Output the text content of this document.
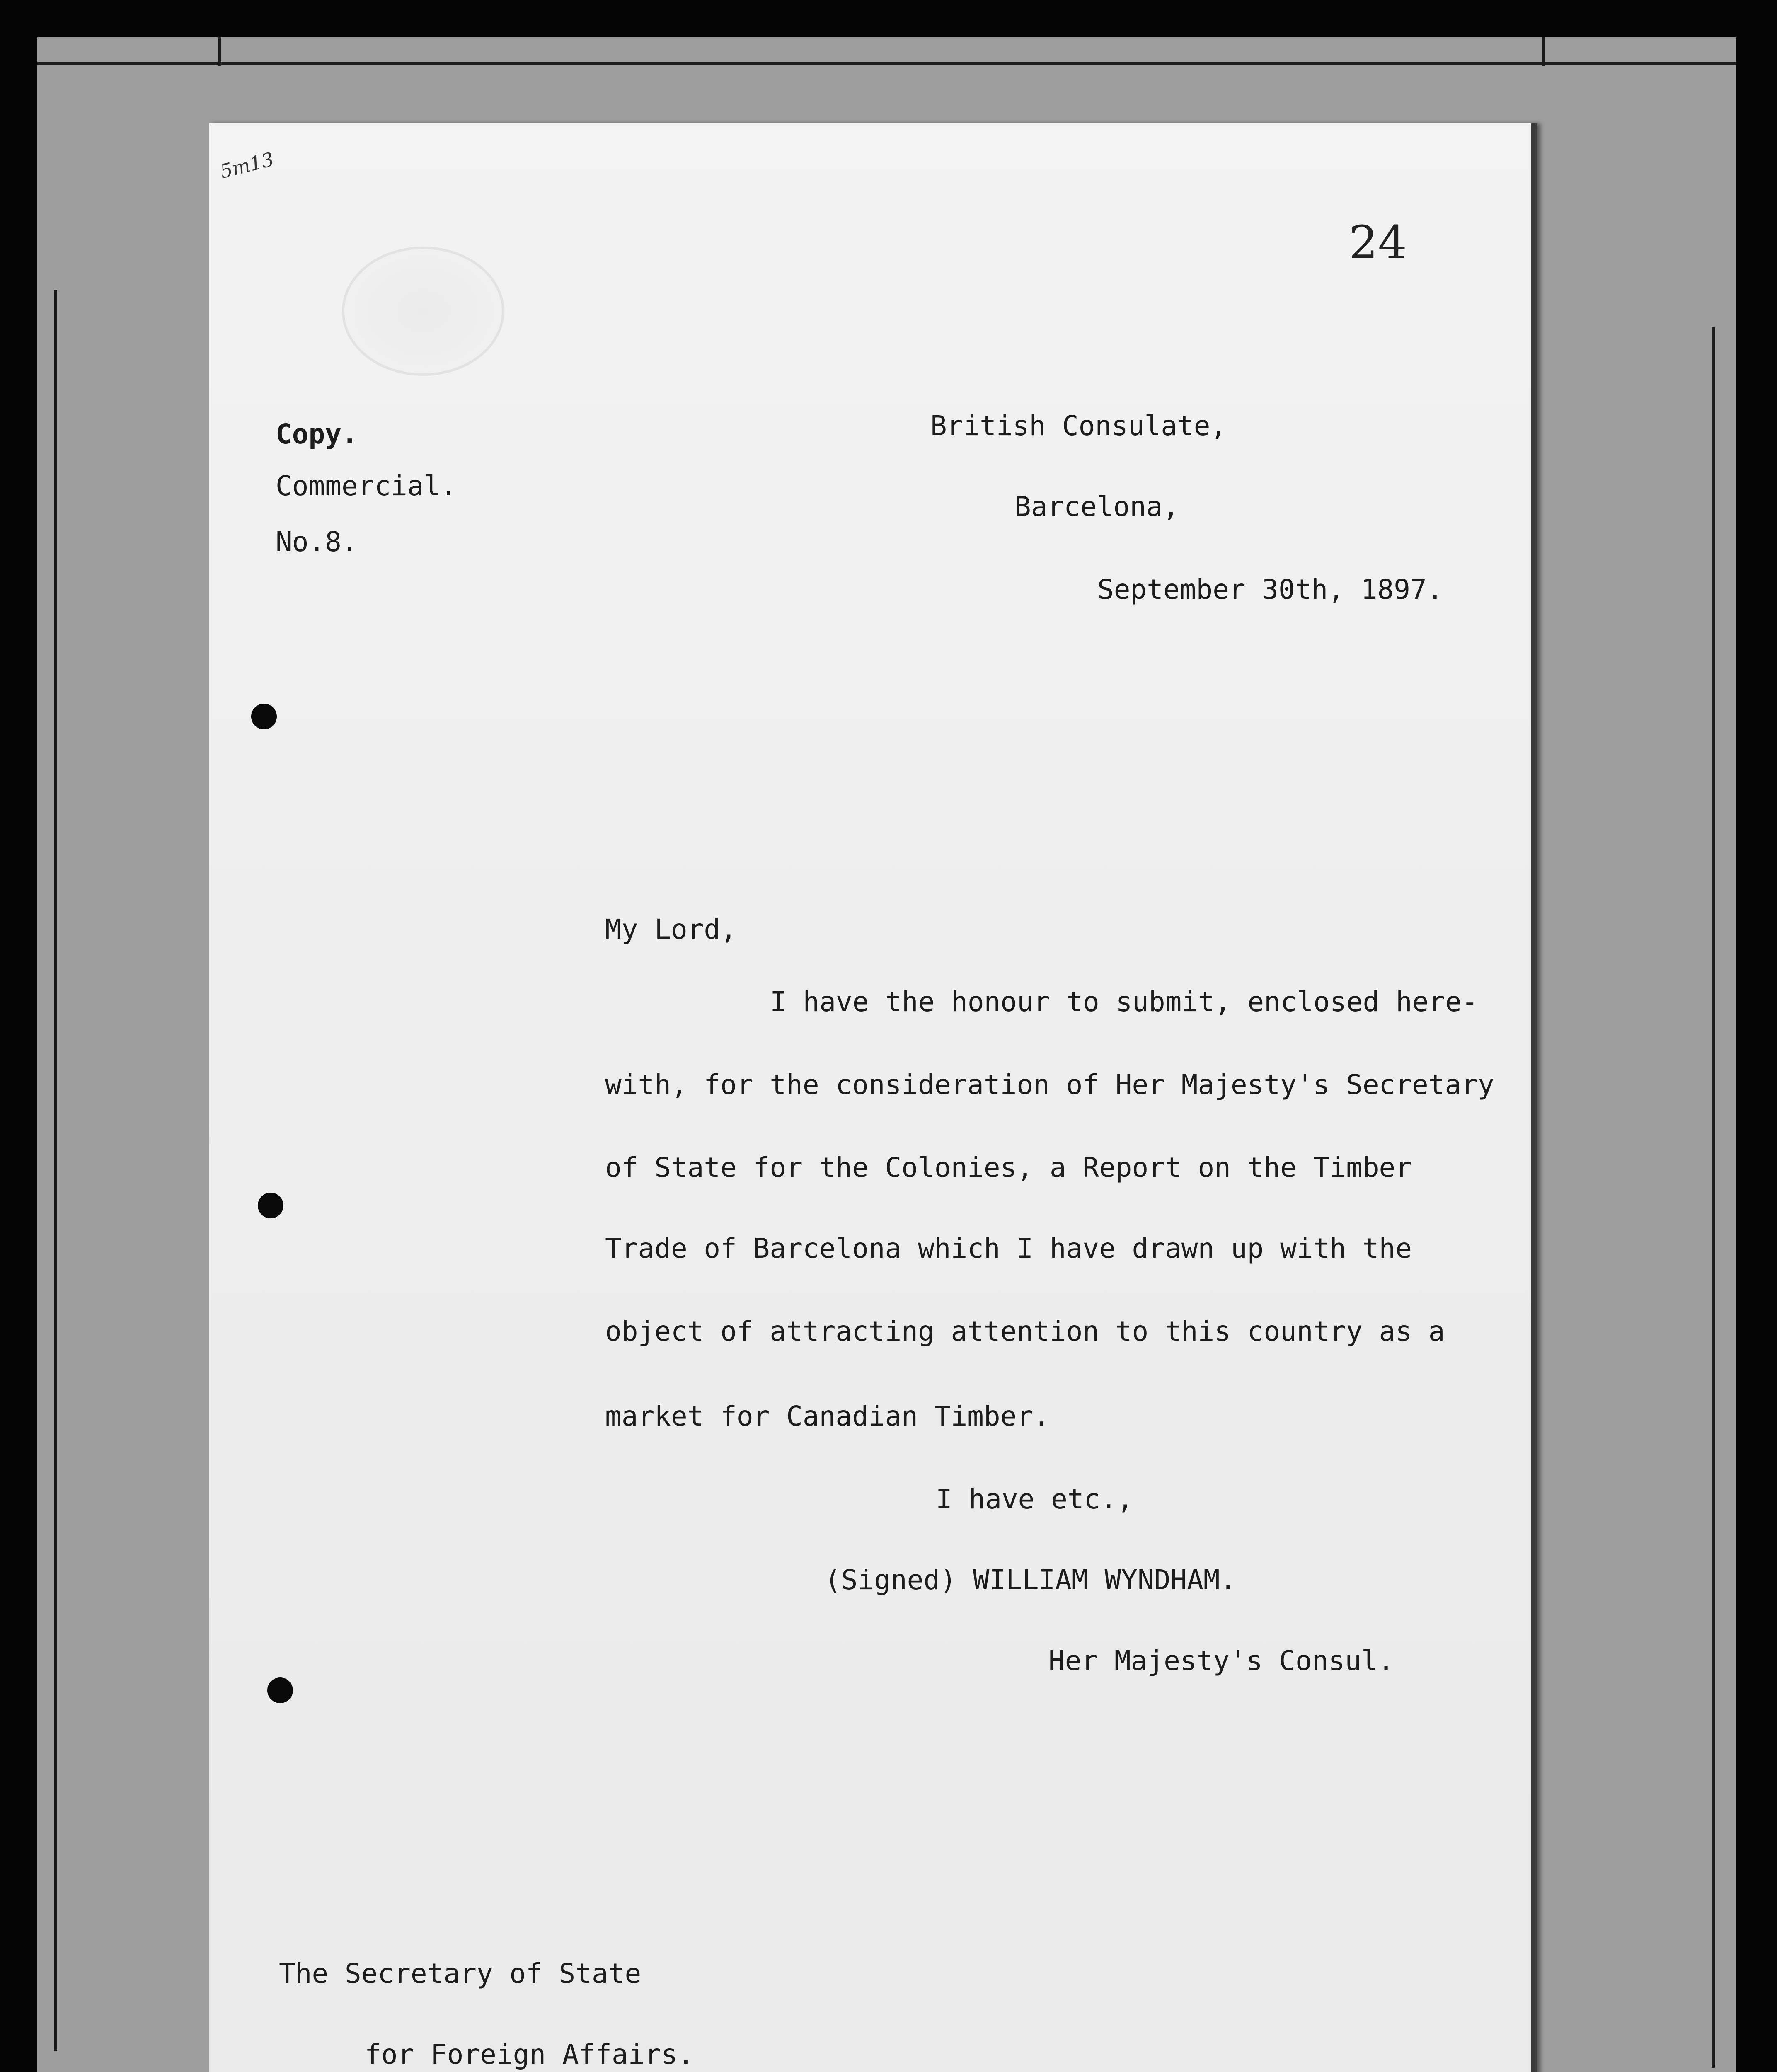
5m13
24
Copy.
Commercial.
No.8.
British Consulate,
Barcelona,
September 30th, 1897.
My Lord,
I have the honour to submit, enclosed here-
with, for the consideration of Her Majesty's Secretary
of State for the Colonies, a Report on the Timber
Trade of Barcelona which I have drawn up with the
object of attracting attention to this country as a
market for Canadian Timber.
I have etc.,
(Signed) WILLIAM WYNDHAM.
Her Majesty's Consul.
The Secretary of State
for Foreign Affairs.
